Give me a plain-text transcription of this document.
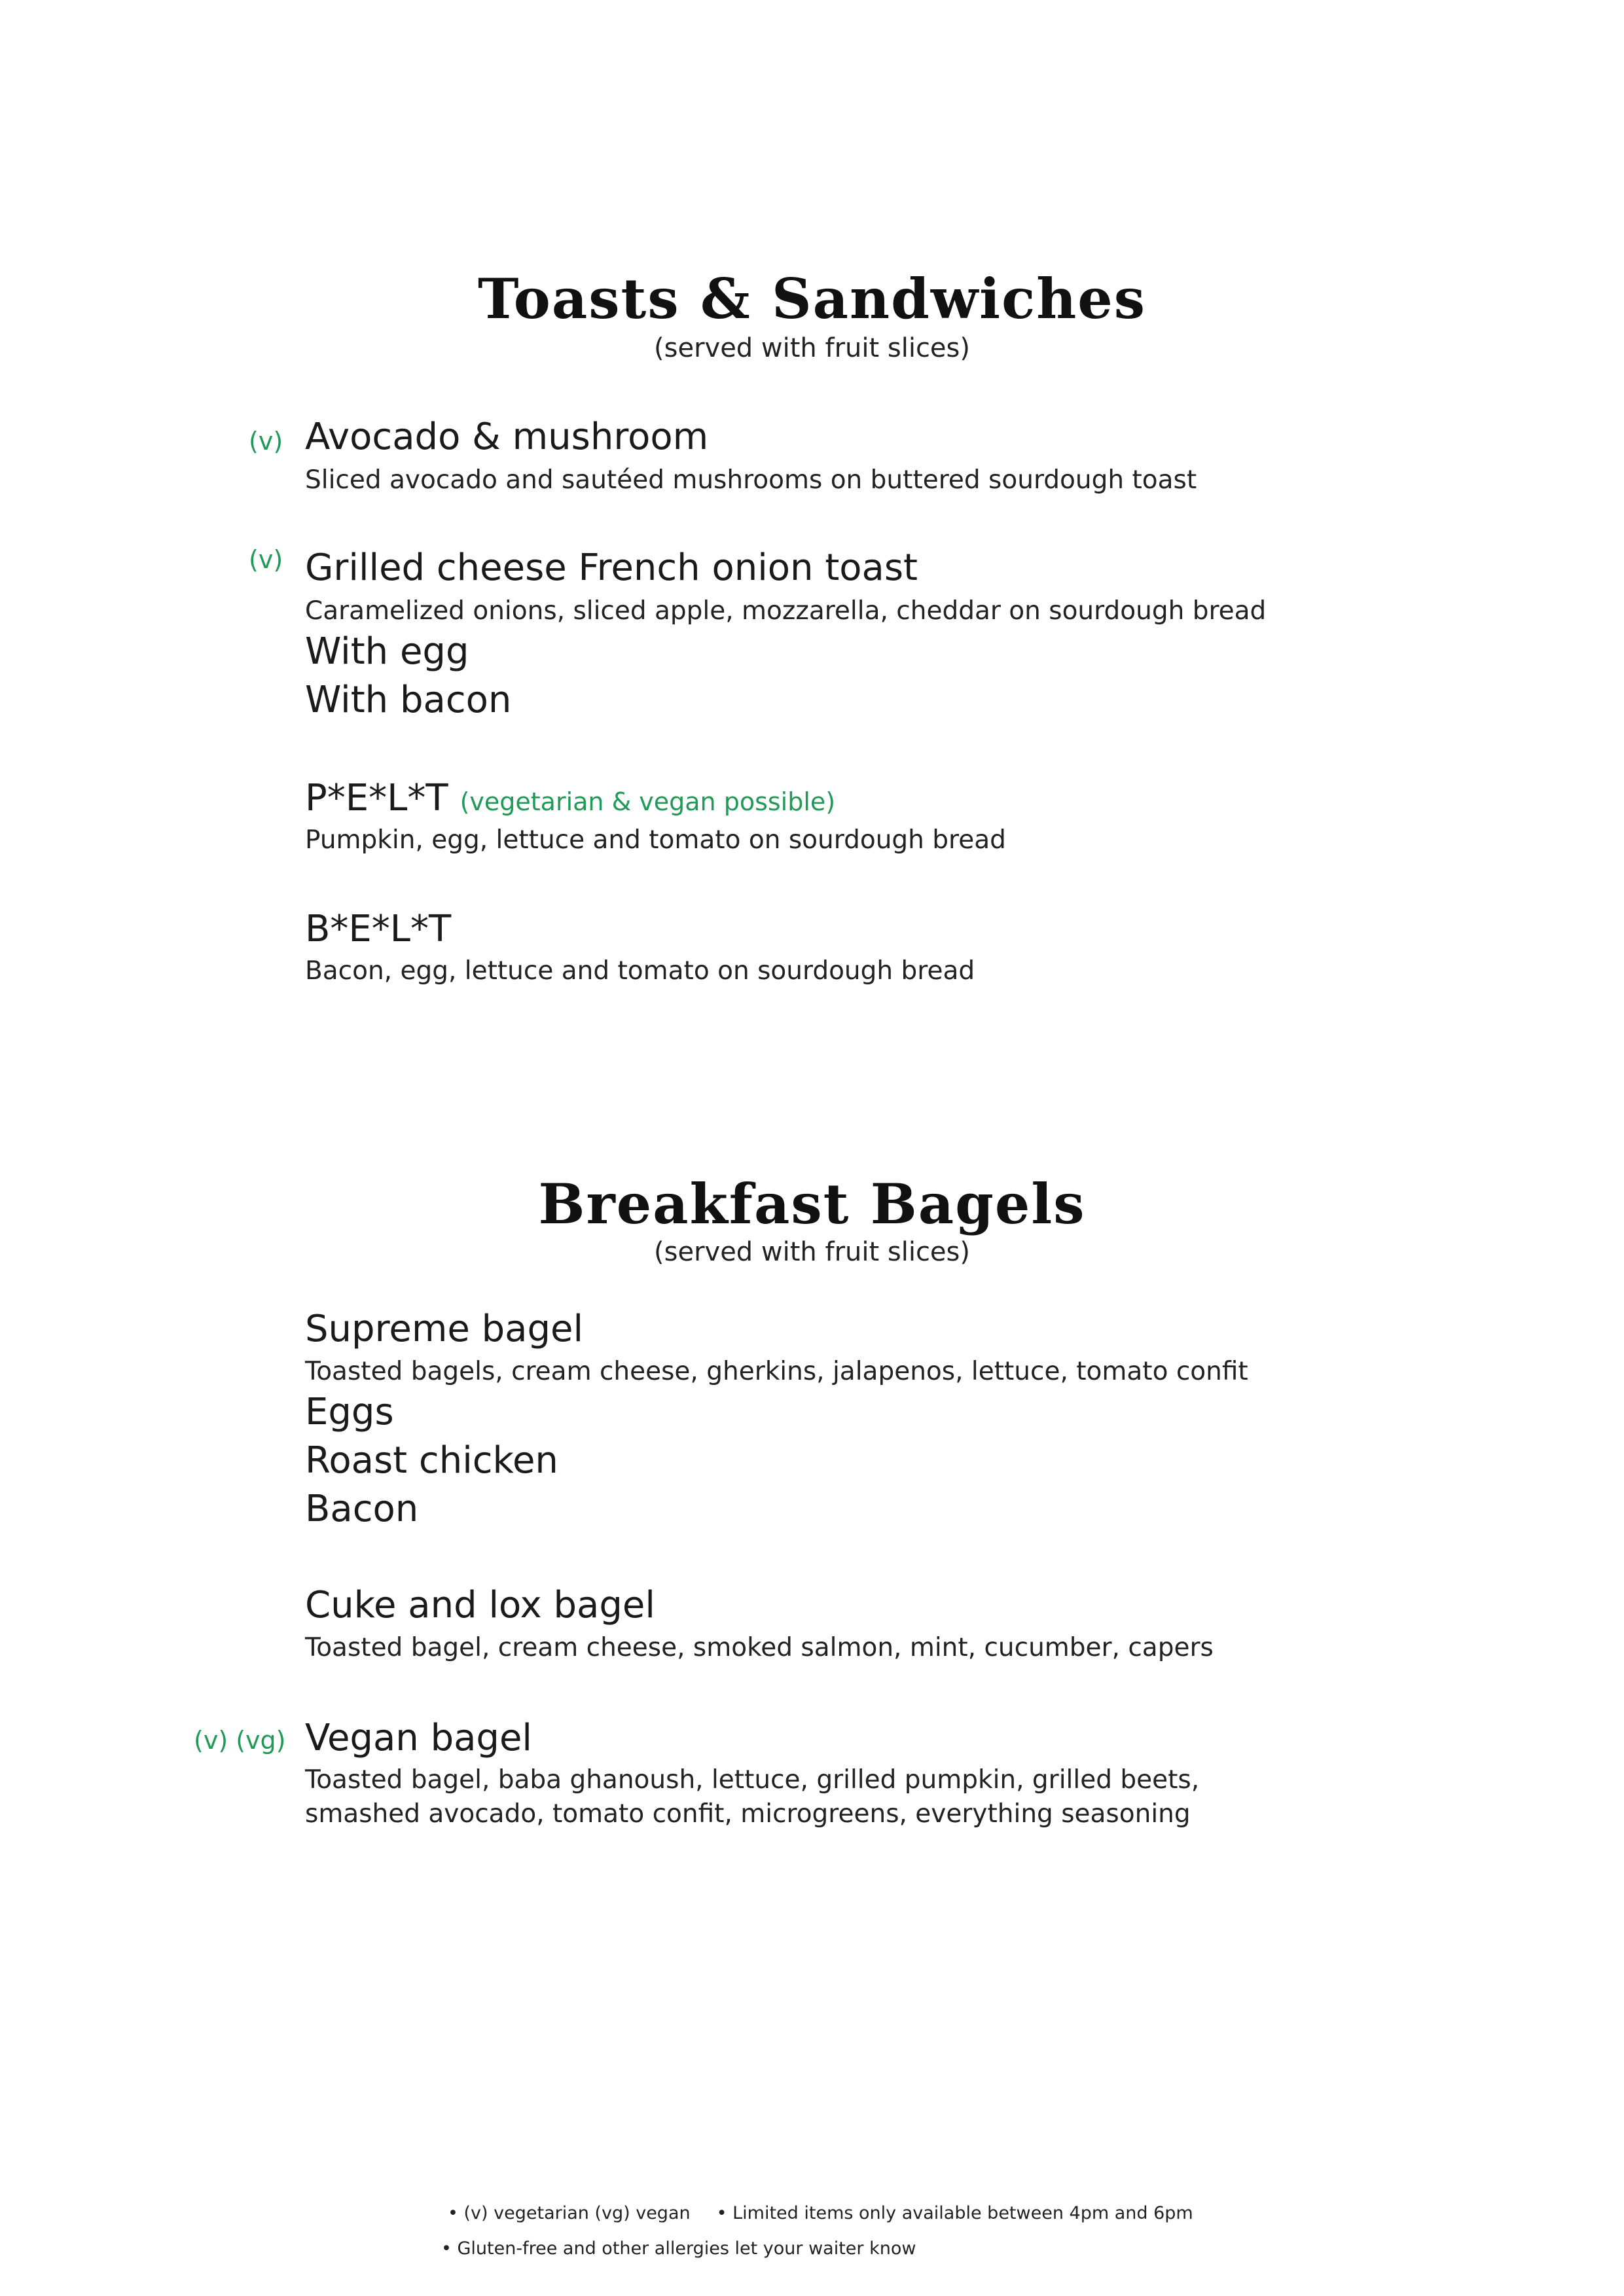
Toasts & Sandwiches
(served with fruit slices)
(v) Avocado & mushroom
Sliced avocado and sautéed mushrooms on buttered sourdough toast
(v) Grilled cheese French onion toast
Caramelized onions, sliced apple, mozzarella, cheddar on sourdough bread
With egg
With bacon
P*E*L*T (vegetarian & vegan possible)
Pumpkin, egg, lettuce and tomato on sourdough bread
B*E*L*T
Bacon, egg, lettuce and tomato on sourdough bread
Breakfast Bagels
(served with fruit slices)
Supreme bagel
Toasted bagels, cream cheese, gherkins, jalapenos, lettuce, tomato confit
Eggs
Roast chicken
Bacon
Cuke and lox bagel
Toasted bagel, cream cheese, smoked salmon, mint, cucumber, capers
(v) (vg) Vegan bagel
Toasted bagel, baba ghanoush, lettuce, grilled pumpkin, grilled beets,
smashed avocado, tomato confit, microgreens, everything seasoning
• (v) vegetarian (vg) vegan • Limited items only available between 4pm and 6pm
• Gluten-free and other allergies let your waiter know
